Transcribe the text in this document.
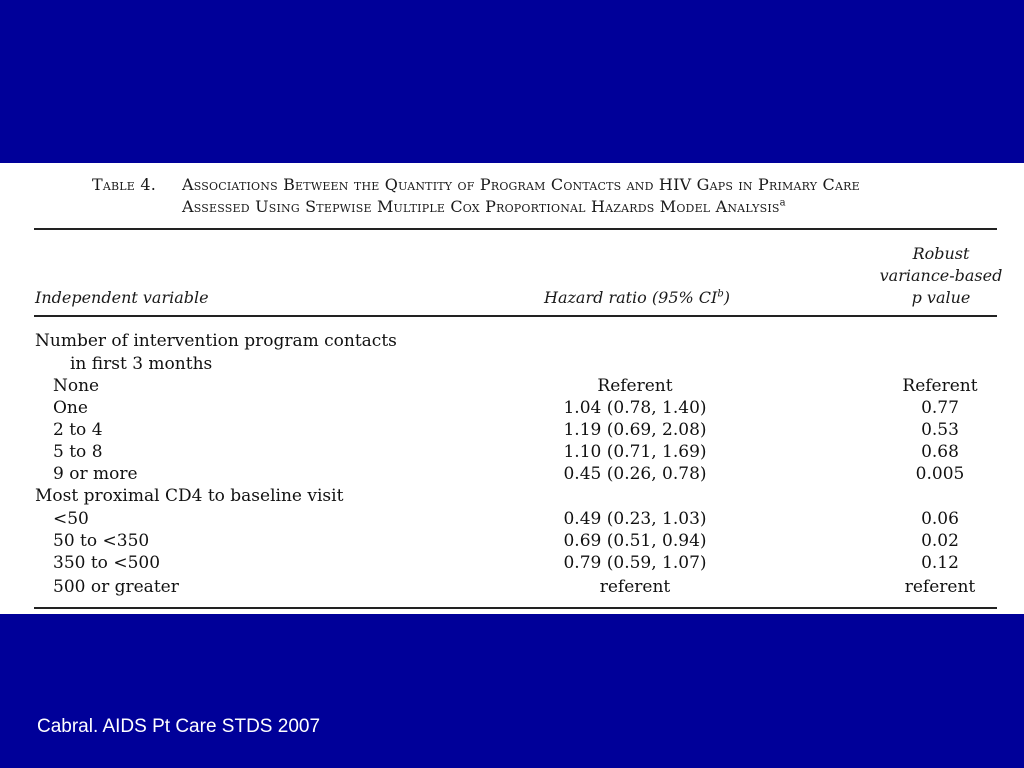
Table 4. Associations Between the Quantity of Program Contacts and HIV Gaps in Primary Care
Assessed Using Stepwise Multiple Cox Proportional Hazards Model Analysis$^a$
Independent variable	Hazard ratio (95% $CI^b$)
Robust
variance-based
p value
Number of intervention program contacts
in first 3 months
None	Referent	Referent
One	1.04 (0.78, 1.40)	0.77
2 to 4	1.19 (0.69, 2.08)	0.53
5 to 8	1.10 (0.71, 1.69)	0.68
9 or more	0.45 (0.26, 0.78)	0.005
Most proximal CD4 to baseline visit
<50	0.49 (0.23, 1.03)	0.06
50 to <350	0.69 (0.51, 0.94)	0.02
350 to <500	0.79 (0.59, 1.07)	0.12
500 or greater	referent	referent
Cabral. AIDS Pt Care STDS 2007
